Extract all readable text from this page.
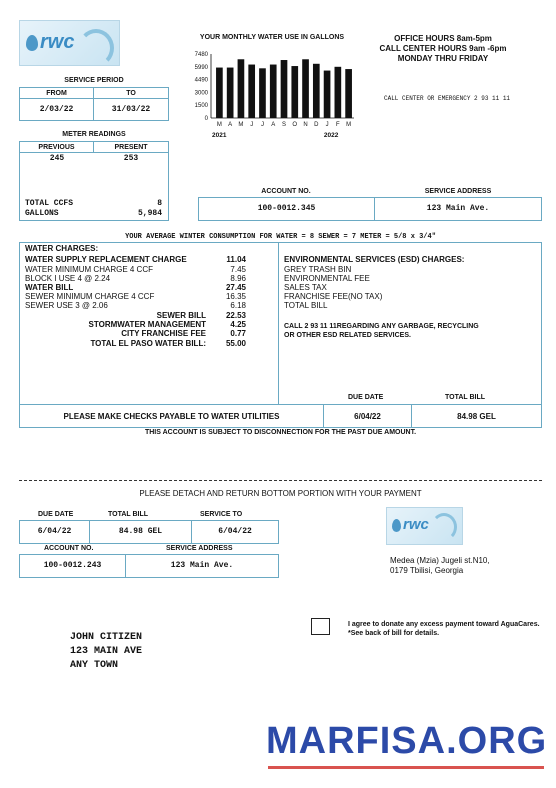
rwc
SERVICE PERIOD
FROM	TO
2/03/22	31/03/22
METER READINGS
PREVIOUS	PRESENT
245	253
TOTAL CCFS	8
GALLONS	5,984
YOUR MONTHLY WATER USE IN GALLONS
7480
5990
4490
3000
1500
0
M A M J J A S O N D J F M
2021	2022
OFFICE HOURS 8am-5pm
CALL CENTER HOURS 9am -6pm
MONDAY THRU FRIDAY
CALL CENTER OR EMERGENCY 2 93 11 11
ACCOUNT NO.	SERVICE ADDRESS
100-0012.345	123 Main Ave.
YOUR AVERAGE WINTER CONSUMPTION FOR WATER = 8 SEWER = 7 METER = 5/8 x 3/4"
WATER CHARGES:
WATER SUPPLY REPLACEMENT CHARGE	11.04
WATER MINIMUM CHARGE 4 CCF	7.45
BLOCK I USE 4 @ 2.24	8.96
WATER BILL	27.45
SEWER MINIMUM CHARGE 4 CCF	16.35
SEWER USE 3 @ 2.06	6.18
SEWER BILL	22.53
STORMWATER MANAGEMENT	4.25
CITY FRANCHISE FEE	0.77
TOTAL EL PASO WATER BILL:	55.00
ENVIRONMENTAL SERVICES (ESD) CHARGES:
GREY TRASH BIN
ENVIRONMENTAL FEE
SALES TAX
FRANCHISE FEE(NO TAX)
TOTAL BILL
CALL 2 93 11 11REGARDING ANY GARBAGE, RECYCLING OR OTHER ESD RELATED SERVICES.
DUE DATE	TOTAL BILL
PLEASE MAKE CHECKS PAYABLE TO WATER UTILITIES	6/04/22	84.98 GEL
THIS ACCOUNT IS SUBJECT TO DISCONNECTION FOR THE PAST DUE AMOUNT.
PLEASE DETACH AND RETURN BOTTOM PORTION WITH YOUR PAYMENT
DUE DATE	TOTAL BILL	SERVICE TO
6/04/22	84.98 GEL	6/04/22
ACCOUNT NO.	SERVICE ADDRESS
100-0012.243	123 Main Ave.
rwc
Medea (Mzia) Jugeli st.N10,
0179 Tbilisi, Georgia
I agree to donate any excess payment toward AguaCares. *See back of bill for details.
JOHN CITIZEN
123 MAIN AVE
ANY TOWN
MARFISA.ORG
